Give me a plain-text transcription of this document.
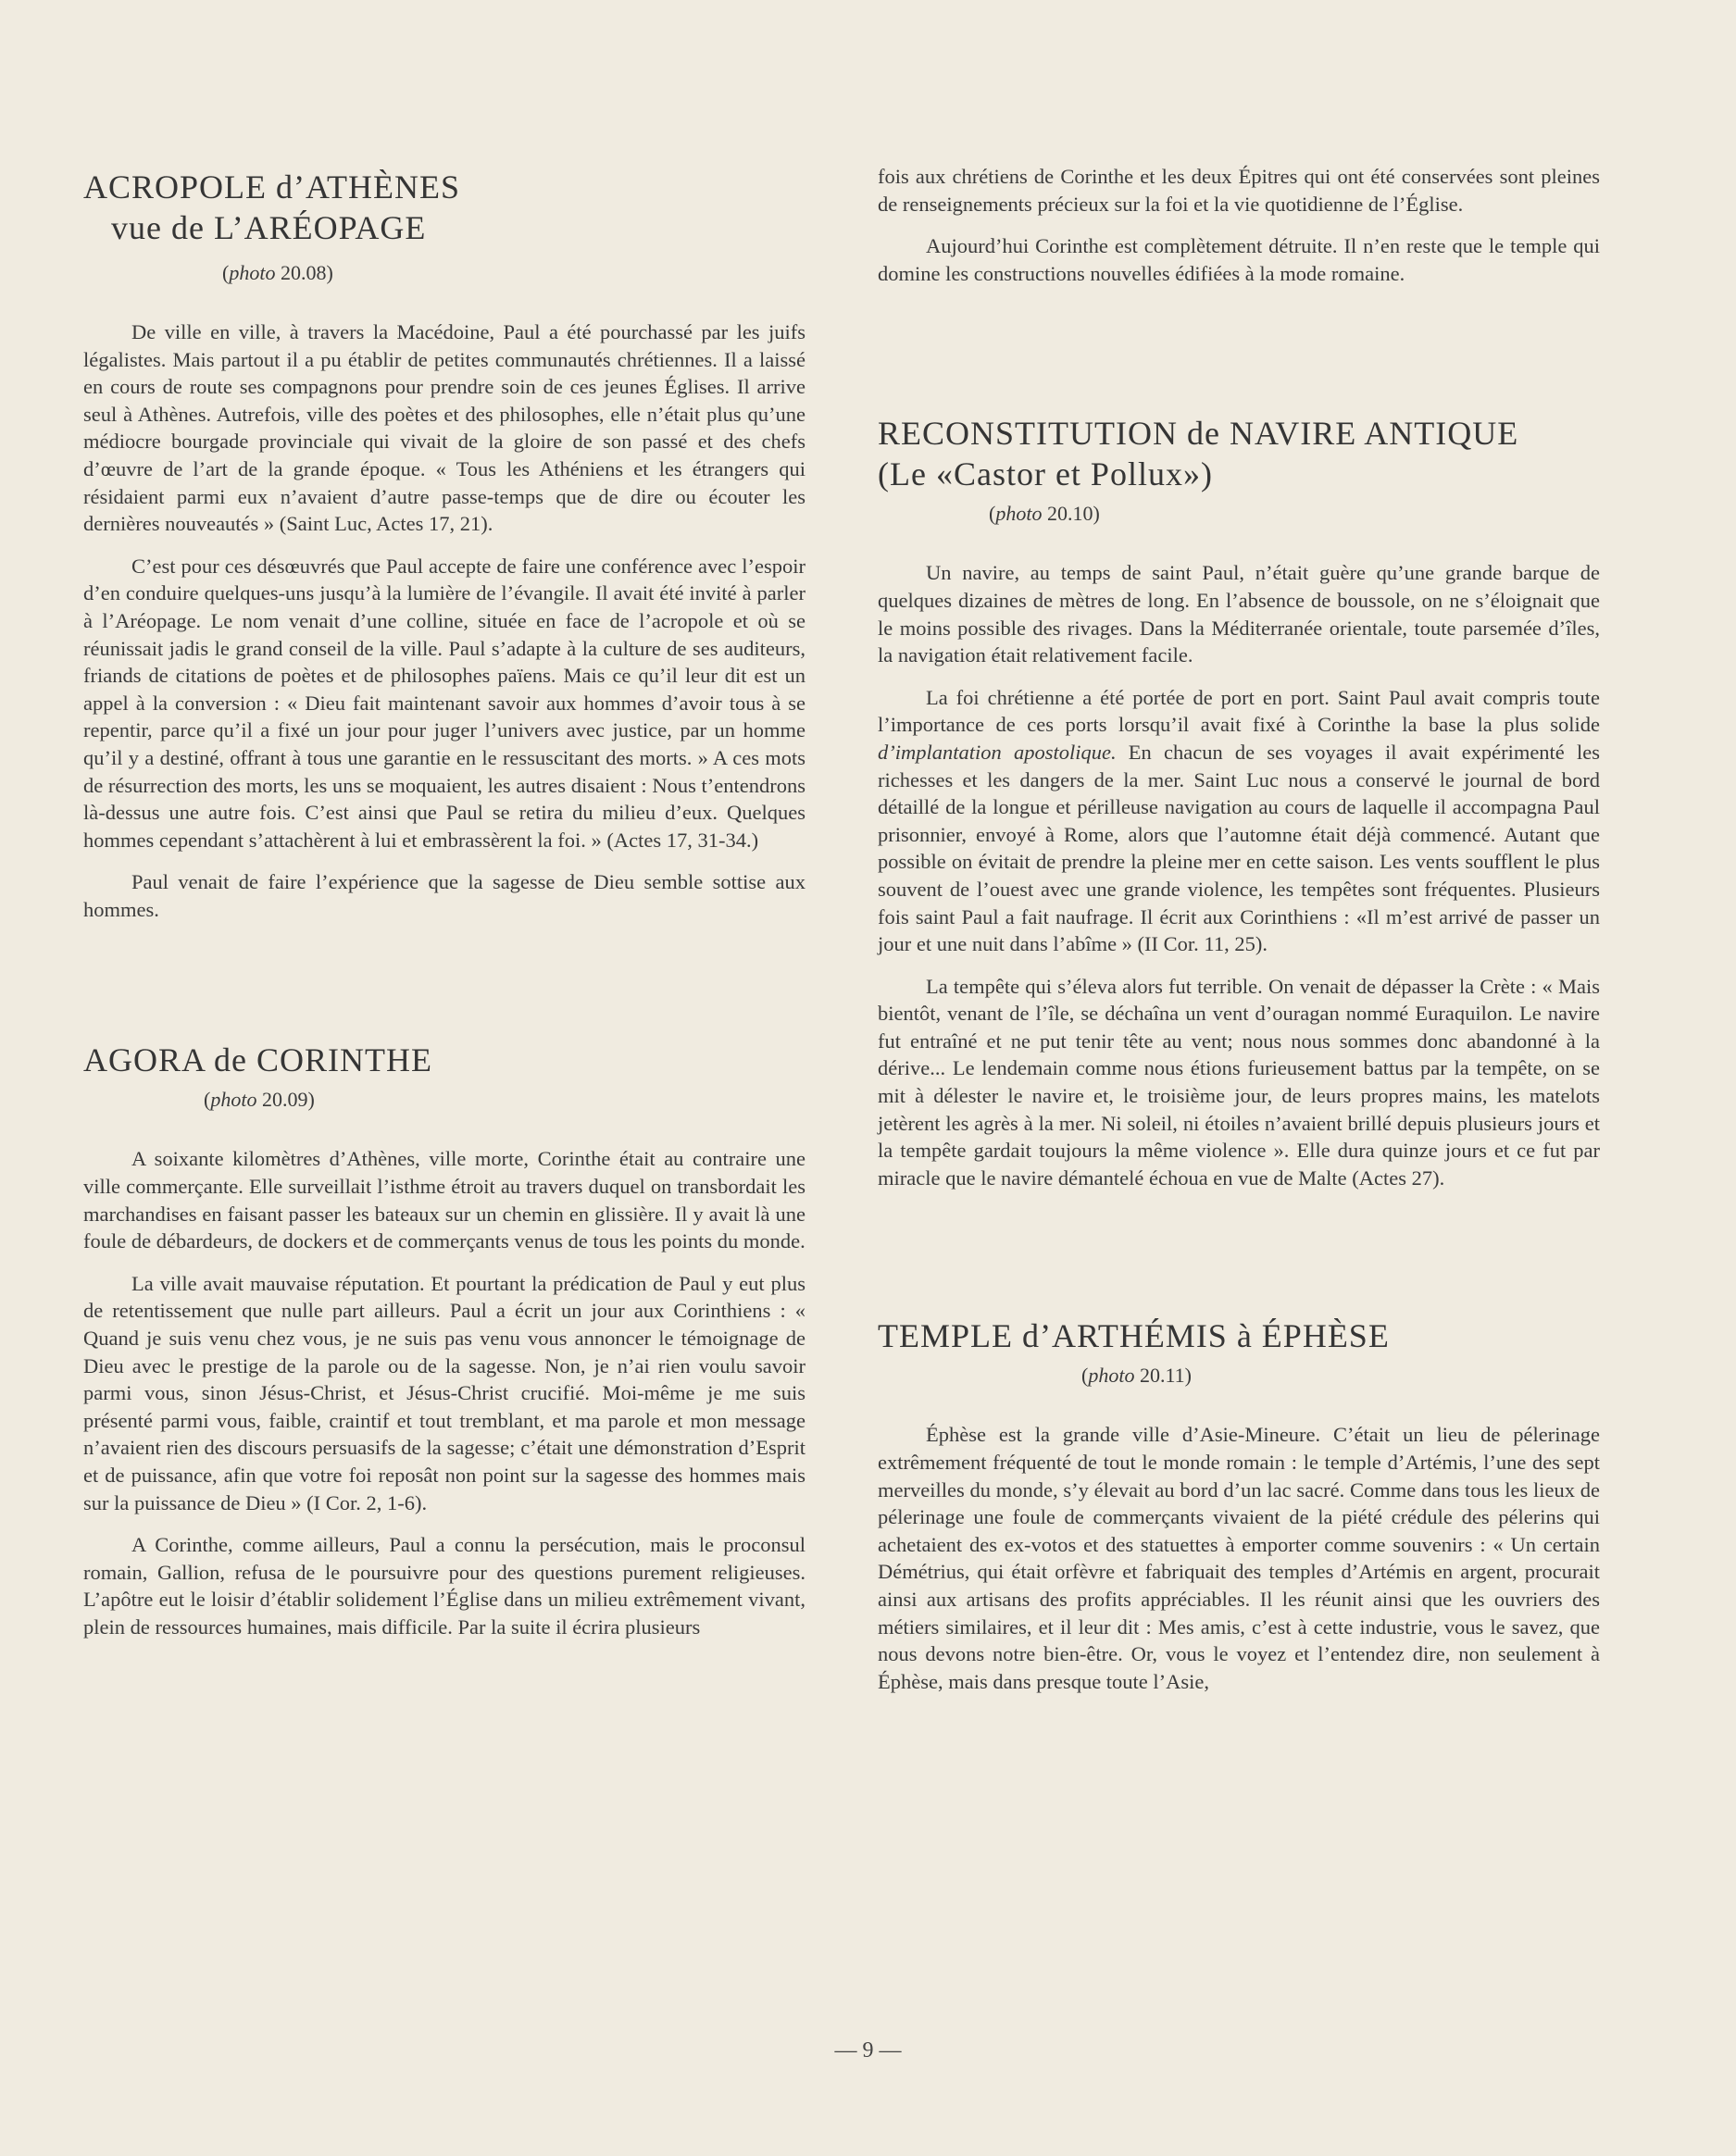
ACROPOLE d’ATHÈNES
vue de L’ARÉOPAGE
(photo 20.08)

De ville en ville, à travers la Macédoine, Paul a été pourchassé par les juifs légalistes. Mais partout il a pu établir de petites communautés chrétiennes. Il a laissé en cours de route ses compagnons pour prendre soin de ces jeunes Églises. Il arrive seul à Athènes. Autrefois, ville des poètes et des philosophes, elle n’était plus qu’une médiocre bourgade provinciale qui vivait de la gloire de son passé et des chefs d’œuvre de l’art de la grande époque. « Tous les Athéniens et les étrangers qui résidaient parmi eux n’avaient d’autre passe-temps que de dire ou écouter les dernières nouveautés » (Saint Luc, Actes 17, 21).

C’est pour ces désœuvrés que Paul accepte de faire une conférence avec l’espoir d’en conduire quelques-uns jusqu’à la lumière de l’évangile. Il avait été invité à parler à l’Aréopage. Le nom venait d’une colline, située en face de l’acropole et où se réunissait jadis le grand conseil de la ville. Paul s’adapte à la culture de ses auditeurs, friands de citations de poètes et de philosophes païens. Mais ce qu’il leur dit est un appel à la conversion : « Dieu fait maintenant savoir aux hommes d’avoir tous à se repentir, parce qu’il a fixé un jour pour juger l’univers avec justice, par un homme qu’il y a destiné, offrant à tous une garantie en le ressuscitant des morts. » A ces mots de résurrection des morts, les uns se moquaient, les autres disaient : Nous t’entendrons là-dessus une autre fois. C’est ainsi que Paul se retira du milieu d’eux. Quelques hommes cependant s’attachèrent à lui et embrassèrent la foi. » (Actes 17, 31-34.)

Paul venait de faire l’expérience que la sagesse de Dieu semble sottise aux hommes.

AGORA de CORINTHE
(photo 20.09)

A soixante kilomètres d’Athènes, ville morte, Corinthe était au contraire une ville commerçante. Elle surveillait l’isthme étroit au travers duquel on transbordait les marchandises en faisant passer les bateaux sur un chemin en glissière. Il y avait là une foule de débardeurs, de dockers et de commerçants venus de tous les points du monde.

La ville avait mauvaise réputation. Et pourtant la prédication de Paul y eut plus de retentissement que nulle part ailleurs. Paul a écrit un jour aux Corinthiens : « Quand je suis venu chez vous, je ne suis pas venu vous annoncer le témoignage de Dieu avec le prestige de la parole ou de la sagesse. Non, je n’ai rien voulu savoir parmi vous, sinon Jésus-Christ, et Jésus-Christ crucifié. Moi-même je me suis présenté parmi vous, faible, craintif et tout tremblant, et ma parole et mon message n’avaient rien des discours persuasifs de la sagesse; c’était une démonstration d’Esprit et de puissance, afin que votre foi reposât non point sur la sagesse des hommes mais sur la puissance de Dieu » (I Cor. 2, 1-6).

A Corinthe, comme ailleurs, Paul a connu la persécution, mais le proconsul romain, Gallion, refusa de le poursuivre pour des questions purement religieuses. L’apôtre eut le loisir d’établir solidement l’Église dans un milieu extrêmement vivant, plein de ressources humaines, mais difficile. Par la suite il écrira plusieurs

fois aux chrétiens de Corinthe et les deux Épitres qui ont été conservées sont pleines de renseignements précieux sur la foi et la vie quotidienne de l’Église.

Aujourd’hui Corinthe est complètement détruite. Il n’en reste que le temple qui domine les constructions nouvelles édifiées à la mode romaine.

RECONSTITUTION de NAVIRE ANTIQUE
(Le «Castor et Pollux»)
(photo 20.10)

Un navire, au temps de saint Paul, n’était guère qu’une grande barque de quelques dizaines de mètres de long. En l’absence de boussole, on ne s’éloignait que le moins possible des rivages. Dans la Méditerranée orientale, toute parsemée d’îles, la navigation était relativement facile.

La foi chrétienne a été portée de port en port. Saint Paul avait compris toute l’importance de ces ports lorsqu’il avait fixé à Corinthe la base la plus solide d’implantation apostolique. En chacun de ses voyages il avait expérimenté les richesses et les dangers de la mer. Saint Luc nous a conservé le journal de bord détaillé de la longue et périlleuse navigation au cours de laquelle il accompagna Paul prisonnier, envoyé à Rome, alors que l’automne était déjà commencé. Autant que possible on évitait de prendre la pleine mer en cette saison. Les vents soufflent le plus souvent de l’ouest avec une grande violence, les tempêtes sont fréquentes. Plusieurs fois saint Paul a fait naufrage. Il écrit aux Corinthiens : «Il m’est arrivé de passer un jour et une nuit dans l’abîme » (II Cor. 11, 25).

La tempête qui s’éleva alors fut terrible. On venait de dépasser la Crète : « Mais bientôt, venant de l’île, se déchaîna un vent d’ouragan nommé Euraquilon. Le navire fut entraîné et ne put tenir tête au vent; nous nous sommes donc abandonné à la dérive... Le lendemain comme nous étions furieusement battus par la tempête, on se mit à délester le navire et, le troisième jour, de leurs propres mains, les matelots jetèrent les agrès à la mer. Ni soleil, ni étoiles n’avaient brillé depuis plusieurs jours et la tempête gardait toujours la même violence ». Elle dura quinze jours et ce fut par miracle que le navire démantelé échoua en vue de Malte (Actes 27).

TEMPLE d’ARTHÉMIS à ÉPHÈSE
(photo 20.11)

Éphèse est la grande ville d’Asie-Mineure. C’était un lieu de pélerinage extrêmement fréquenté de tout le monde romain : le temple d’Artémis, l’une des sept merveilles du monde, s’y élevait au bord d’un lac sacré. Comme dans tous les lieux de pélerinage une foule de commerçants vivaient de la piété crédule des pélerins qui achetaient des ex-votos et des statuettes à emporter comme souvenirs : « Un certain Démétrius, qui était orfèvre et fabriquait des temples d’Artémis en argent, procurait ainsi aux artisans des profits appréciables. Il les réunit ainsi que les ouvriers des métiers similaires, et il leur dit : Mes amis, c’est à cette industrie, vous le savez, que nous devons notre bien-être. Or, vous le voyez et l’entendez dire, non seulement à Éphèse, mais dans presque toute l’Asie,

— 9 —
